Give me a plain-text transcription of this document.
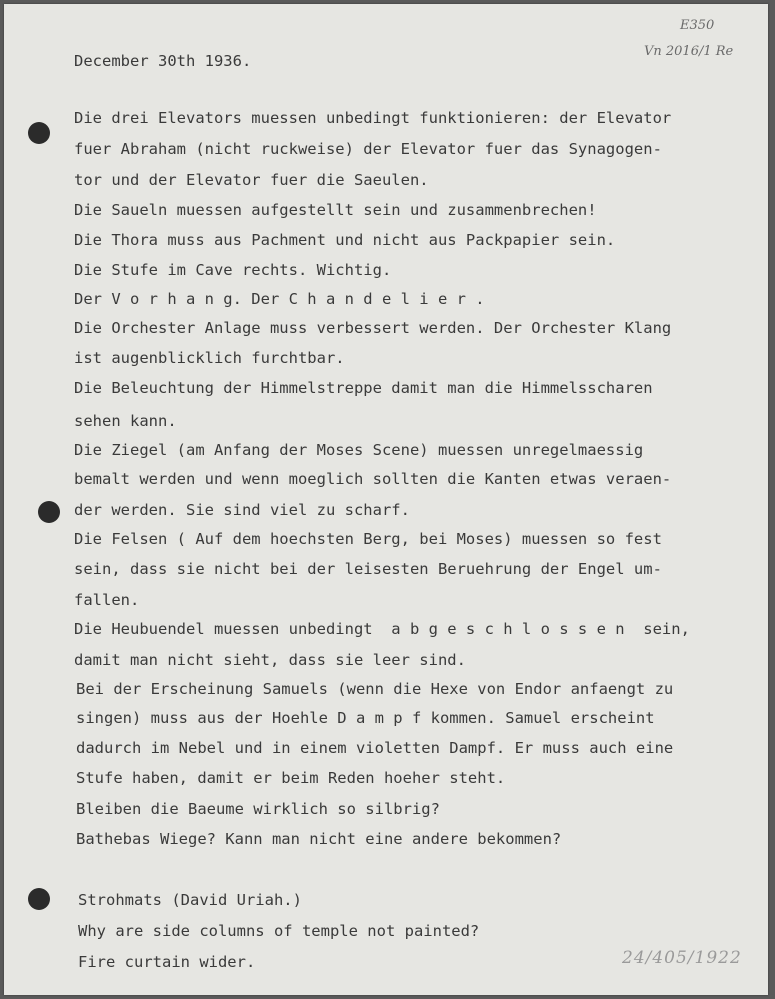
E350
Vn 2016/1 Re

December 30th 1936.

Die drei Elevators muessen unbedingt funktionieren: der Elevator

fuer Abraham (nicht ruckweise) der Elevator fuer das Synagogen-

tor und der Elevator fuer die Saeulen.

Die Saueln muessen aufgestellt sein und zusammenbrechen!

Die Thora muss aus Pachment und nicht aus Packpapier sein.

Die Stufe im Cave rechts. Wichtig.

Der V o r h a n g. Der C h a n d e l i e r .

Die Orchester Anlage muss verbessert werden. Der Orchester Klang

ist augenblicklich furchtbar.

Die Beleuchtung der Himmelstreppe damit man die Himmelsscharen

sehen kann.

Die Ziegel (am Anfang der Moses Scene) muessen unregelmaessig

bemalt werden und wenn moeglich sollten die Kanten etwas veraen-

der werden. Sie sind viel zu scharf.

Die Felsen ( Auf dem hoechsten Berg, bei Moses) muessen so fest

sein, dass sie nicht bei der leisesten Beruehrung der Engel um-

fallen.

Die Heubuendel muessen unbedingt  a b g e s c h l o s s e n  sein,

damit man nicht sieht, dass sie leer sind.

Bei der Erscheinung Samuels (wenn die Hexe von Endor anfaengt zu

singen) muss aus der Hoehle D a m p f kommen. Samuel erscheint

dadurch im Nebel und in einem violetten Dampf. Er muss auch eine

Stufe haben, damit er beim Reden hoeher steht.

Bleiben die Baeume wirklich so silbrig?

Bathebas Wiege? Kann man nicht eine andere bekommen?

Strohmats (David Uriah.)

Why are side columns of temple not painted?

Fire curtain wider.

	24/405/1922
